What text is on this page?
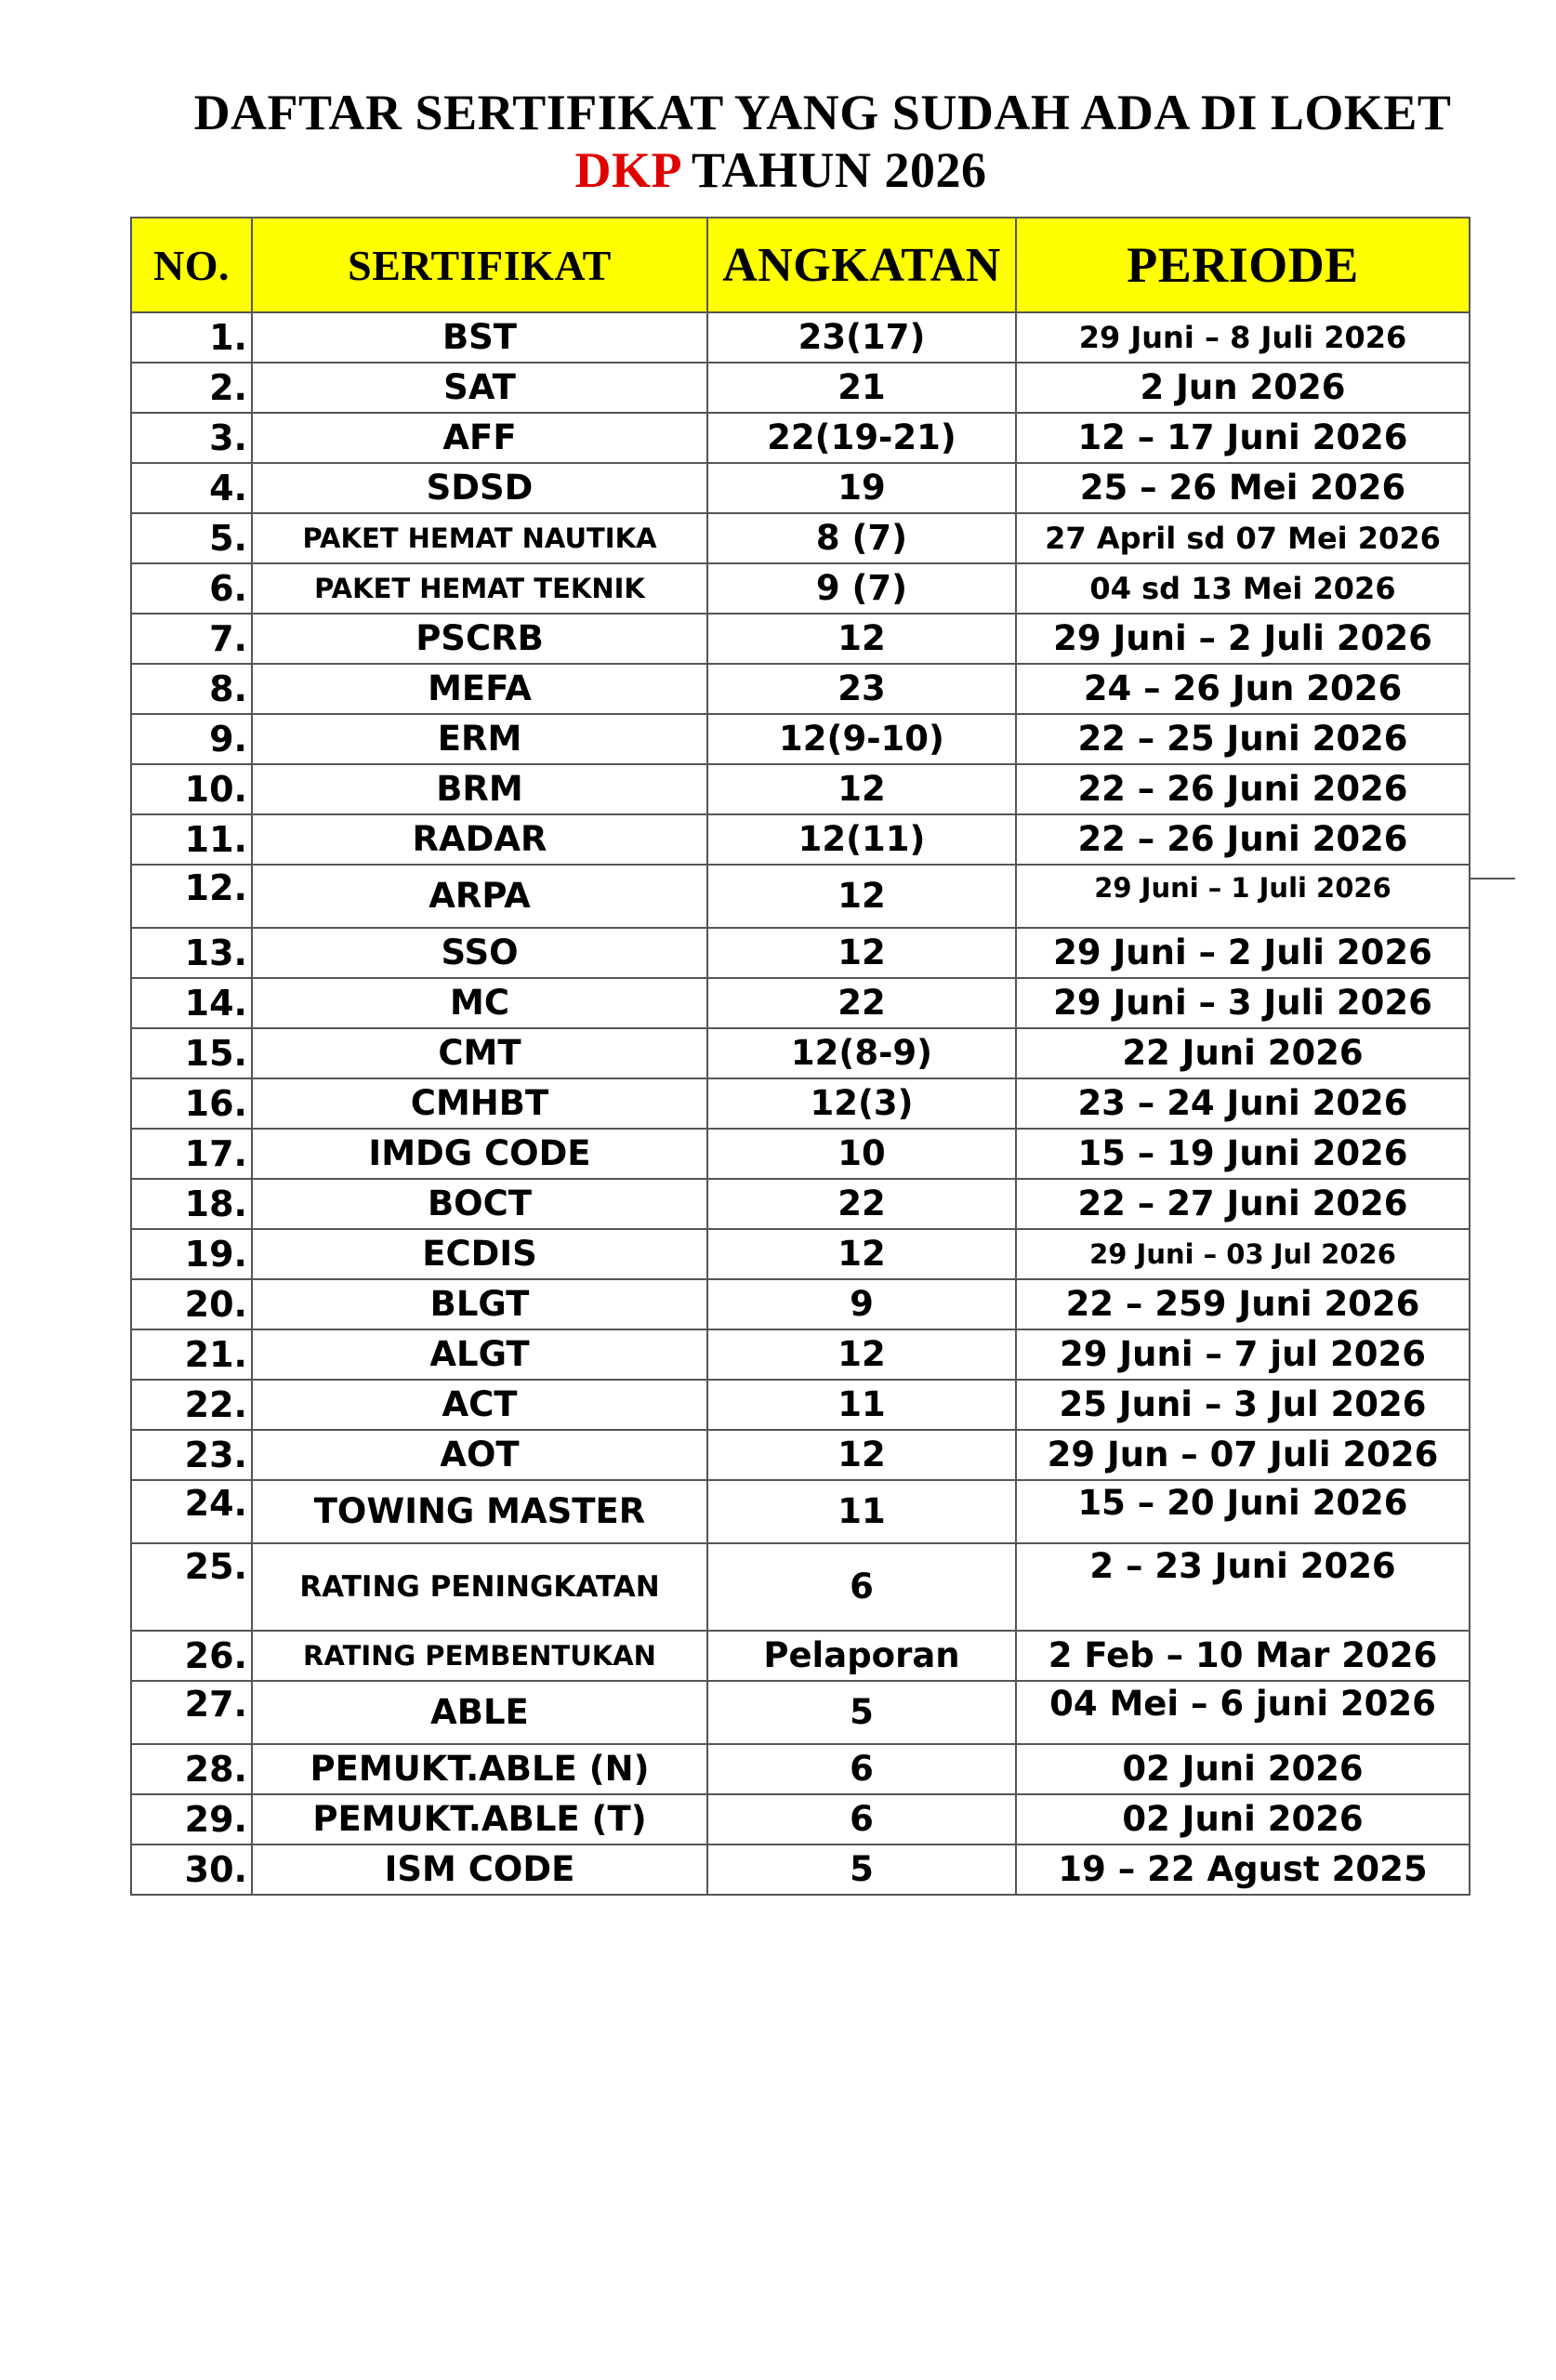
DAFTAR SERTIFIKAT YANG SUDAH ADA DI LOKET
DKP TAHUN 2026
NO.	SERTIFIKAT	ANGKATAN	PERIODE
1.	BST	23(17)	29 Juni – 8 Juli 2026
2.	SAT	21	2 Jun 2026
3.	AFF	22(19-21)	12 – 17 Juni 2026
4.	SDSD	19	25 – 26 Mei 2026
5.	PAKET HEMAT NAUTIKA	8 (7)	27 April sd 07 Mei 2026
6.	PAKET HEMAT TEKNIK	9 (7)	04 sd 13 Mei 2026
7.	PSCRB	12	29 Juni – 2 Juli 2026
8.	MEFA	23	24 – 26 Jun 2026
9.	ERM	12(9-10)	22 – 25 Juni 2026
10.	BRM	12	22 – 26 Juni 2026
11.	RADAR	12(11)	22 – 26 Juni 2026
12.	ARPA	12	29 Juni – 1 Juli 2026
13.	SSO	12	29 Juni – 2 Juli 2026
14.	MC	22	29 Juni – 3 Juli 2026
15.	CMT	12(8-9)	22 Juni 2026
16.	CMHBT	12(3)	23 – 24 Juni 2026
17.	IMDG CODE	10	15 – 19 Juni 2026
18.	BOCT	22	22 – 27 Juni 2026
19.	ECDIS	12	29 Juni – 03 Jul 2026
20.	BLGT	9	22 – 259 Juni 2026
21.	ALGT	12	29 Juni – 7 jul 2026
22.	ACT	11	25 Juni – 3 Jul 2026
23.	AOT	12	29 Jun – 07 Juli 2026
24.	TOWING MASTER	11	15 – 20 Juni 2026
25.	RATING PENINGKATAN	6	2 – 23 Juni 2026
26.	RATING PEMBENTUKAN	Pelaporan	2 Feb – 10 Mar 2026
27.	ABLE	5	04 Mei – 6 juni 2026
28.	PEMUKT.ABLE (N)	6	02 Juni 2026
29.	PEMUKT.ABLE (T)	6	02 Juni 2026
30.	ISM CODE	5	19 – 22 Agust 2025
